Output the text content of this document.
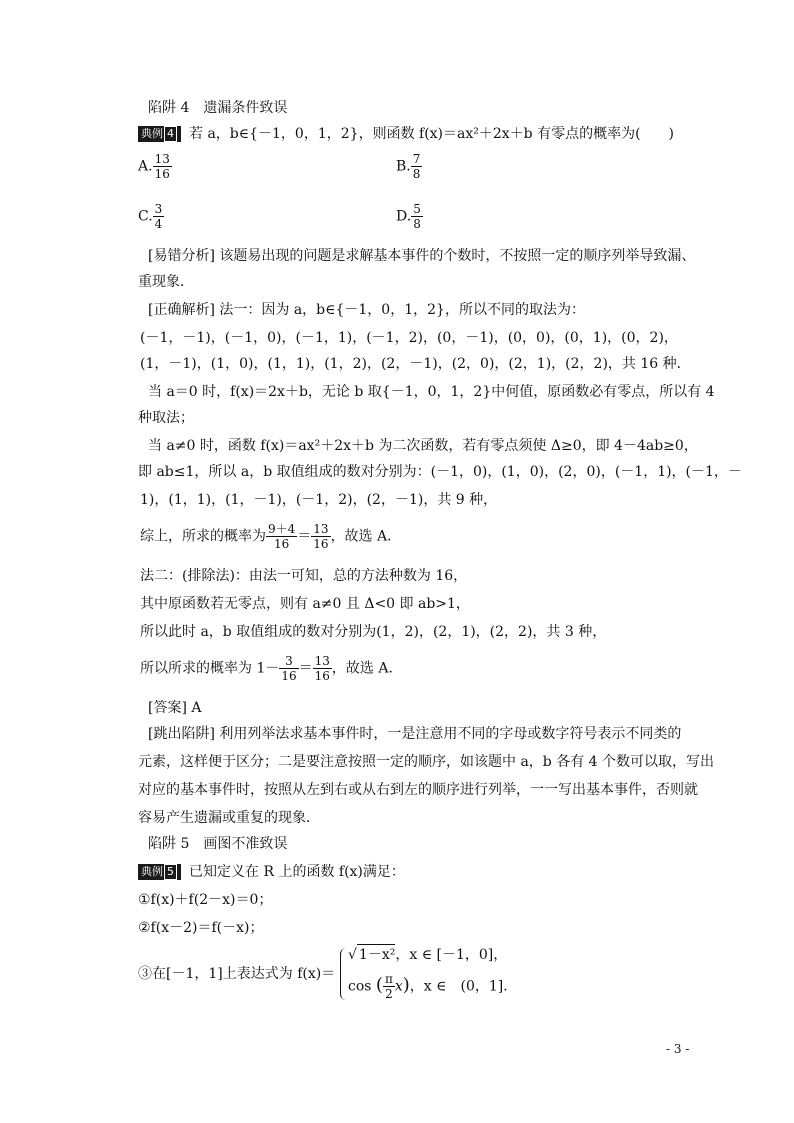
陷阱 4　遗漏条件致误
典例 4 若 a，b∈{－1，0，1，2}，则函数 f(x)＝ax²＋2x＋b 有零点的概率为(　　)
A. $\frac{13}{16}$	B. $\frac{7}{8}$
C. $\frac{3}{4}$	D. $\frac{5}{8}$
[易错分析] 该题易出现的问题是求解基本事件的个数时，不按照一定的顺序列举导致漏、
重现象．
[正确解析] 法一：因为 a，b∈{－1，0，1，2}，所以不同的取法为：
(－1，－1)，(－1，0)，(－1，1)，(－1，2)，(0，－1)，(0，0)，(0，1)，(0，2)，
(1，－1)，(1，0)，(1，1)，(1，2)，(2，－1)，(2，0)，(2，1)，(2，2)，共 16 种．
当 a＝0 时，f(x)＝2x＋b，无论 b 取{－1，0，1，2}中何值，原函数必有零点，所以有 4
种取法；
当 a≠0 时，函数 f(x)＝ax²＋2x＋b 为二次函数，若有零点须使 Δ≥0，即 4－4ab≥0，
即 ab≤1，所以 a，b 取值组成的数对分别为：(－1，0)，(1，0)，(2，0)，(－1，1)，(－1，－
1)，(1，1)，(1，－1)，(－1，2)，(2，－1)，共 9 种，
综上，所求的概率为 $\frac{9+4}{16} = \frac{13}{16}$ ，故选 A．
法二：(排除法)：由法一可知，总的方法种数为 16，
其中原函数若无零点，则有 a≠0 且 Δ<0 即 ab>1，
所以此时 a，b 取值组成的数对分别为(1，2)，(2，1)，(2，2)，共 3 种，
所以所求的概率为 $1- \frac{3}{16} = \frac{13}{16}$ ，故选 A．
[答案] A
[跳出陷阱] 利用列举法求基本事件时，一是注意用不同的字母或数字符号表示不同类的
元素，这样便于区分；二是要注意按照一定的顺序，如该题中 a，b 各有 4 个数可以取，写出
对应的基本事件时，按照从左到右或从右到左的顺序进行列举，一一写出基本事件，否则就
容易产生遗漏或重复的现象．
陷阱 5　画图不准致误
典例 5 已知定义在 R 上的函数 f(x)满足：
①f(x)＋f(2－x)＝0；
②f(x－2)＝f(－x)；
③在[－1，1]上表达式为 f(x)＝
√ 1－x²，x ∈ [－1，0]，
cos ( $\frac{\pi}{2} x$)，x ∈　(0，1]．
- 3 -
